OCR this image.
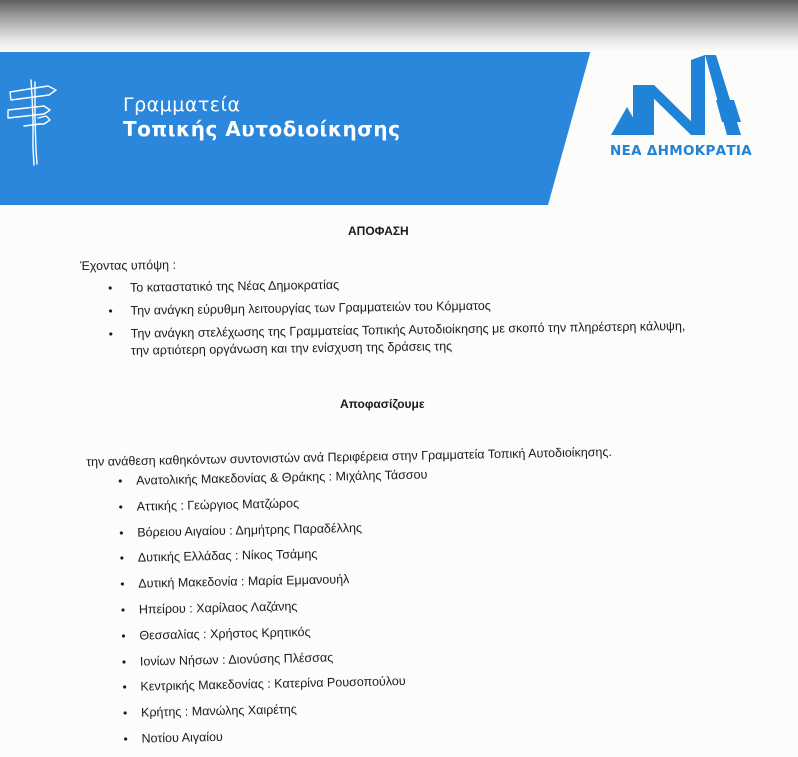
Γραμματεία
Τοπικής Αυτοδιοίκησης
ΝΕΑ ΔΗΜΟΚΡΑΤΙΑ
ΑΠΟΦΑΣΗ
Έχοντας υπόψη :
• Το καταστατικό της Νέας Δημοκρατίας
• Την ανάγκη εύρυθμη λειτουργίας των Γραμματειών του Κόμματος
• Την ανάγκη στελέχωσης της Γραμματείας Τοπικής Αυτοδιοίκησης με σκοπό την πληρέστερη κάλυψη, την αρτιότερη οργάνωση και την ενίσχυση της δράσεις της
Αποφασίζουμε
την ανάθεση καθηκόντων συντονιστών ανά Περιφέρεια στην Γραμματεία Τοπική Αυτοδιοίκησης.
• Ανατολικής Μακεδονίας & Θράκης : Μιχάλης Τάσσου
• Αττικής : Γεώργιος Ματζώρος
• Βόρειου Αιγαίου : Δημήτρης Παραδέλλης
• Δυτικής Ελλάδας : Νίκος Τσάμης
• Δυτική Μακεδονία : Μαρία Εμμανουήλ
• Ηπείρου : Χαρίλαος Λαζάνης
• Θεσσαλίας : Χρήστος Κρητικός
• Ιονίων Νήσων : Διονύσης Πλέσσας
• Κεντρικής Μακεδονίας : Κατερίνα Ρουσοπούλου
• Κρήτης : Μανώλης Χαιρέτης
• Νοτίου Αιγαίου
